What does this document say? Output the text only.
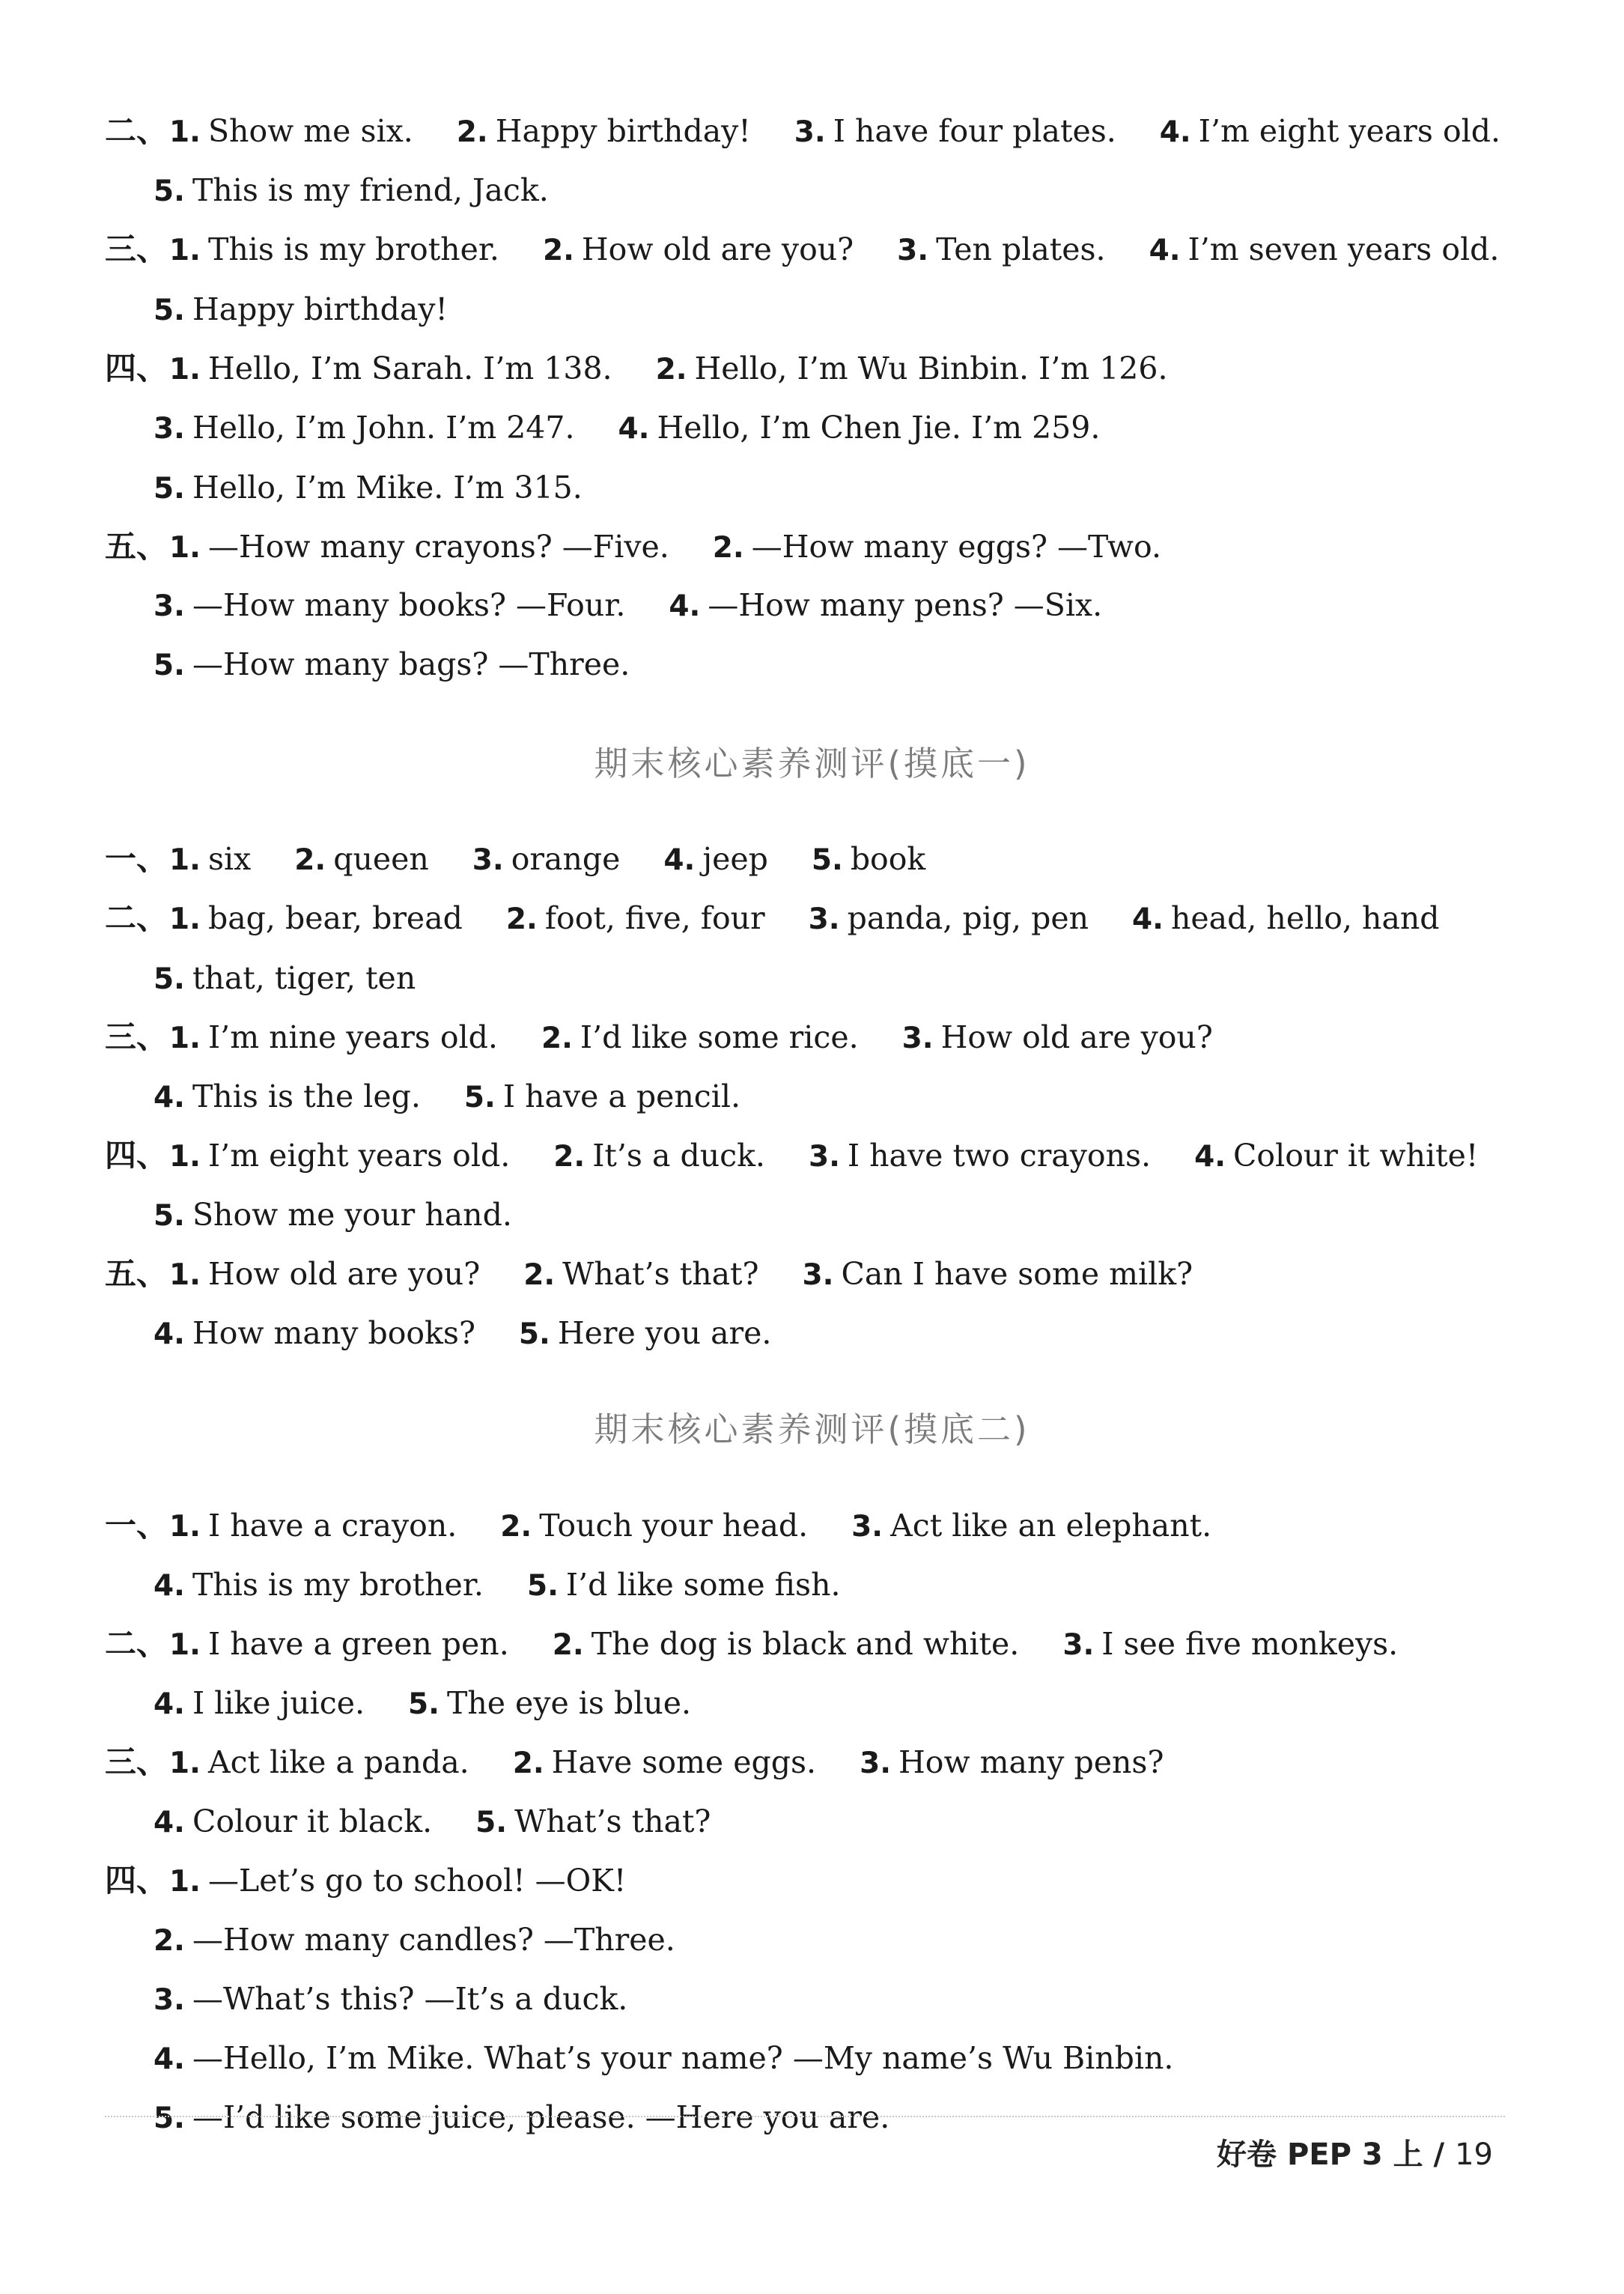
期末核心素养测评(摸底一)
期末核心素养测评(摸底二)
二、1. Show me six. 2. Happy birthday! 3. I have four plates. 4. I’m eight years old.
5. This is my friend, Jack.
三、1. This is my brother. 2. How old are you? 3. Ten plates. 4. I’m seven years old.
5. Happy birthday!
四、1. Hello, I’m Sarah. I’m 138. 2. Hello, I’m Wu Binbin. I’m 126.
3. Hello, I’m John. I’m 247. 4. Hello, I’m Chen Jie. I’m 259.
5. Hello, I’m Mike. I’m 315.
五、1. —How many crayons? —Five. 2. —How many eggs? —Two.
3. —How many books? —Four. 4. —How many pens? —Six.
5. —How many bags? —Three.
一、1. six 2. queen 3. orange 4. jeep 5. book
二、1. bag, bear, bread 2. foot, five, four 3. panda, pig, pen 4. head, hello, hand
5. that, tiger, ten
三、1. I’m nine years old. 2. I’d like some rice. 3. How old are you?
4. This is the leg. 5. I have a pencil.
四、1. I’m eight years old. 2. It’s a duck. 3. I have two crayons. 4. Colour it white!
5. Show me your hand.
五、1. How old are you? 2. What’s that? 3. Can I have some milk?
4. How many books? 5. Here you are.
一、1. I have a crayon. 2. Touch your head. 3. Act like an elephant.
4. This is my brother. 5. I’d like some fish.
二、1. I have a green pen. 2. The dog is black and white. 3. I see five monkeys.
4. I like juice. 5. The eye is blue.
三、1. Act like a panda. 2. Have some eggs. 3. How many pens?
4. Colour it black. 5. What’s that?
四、1. —Let’s go to school! —OK!
2. —How many candles? —Three.
3. —What’s this? —It’s a duck.
4. —Hello, I’m Mike. What’s your name? —My name’s Wu Binbin.
5. —I’d like some juice, please. —Here you are.
好卷 PEP 3 上 / 19
